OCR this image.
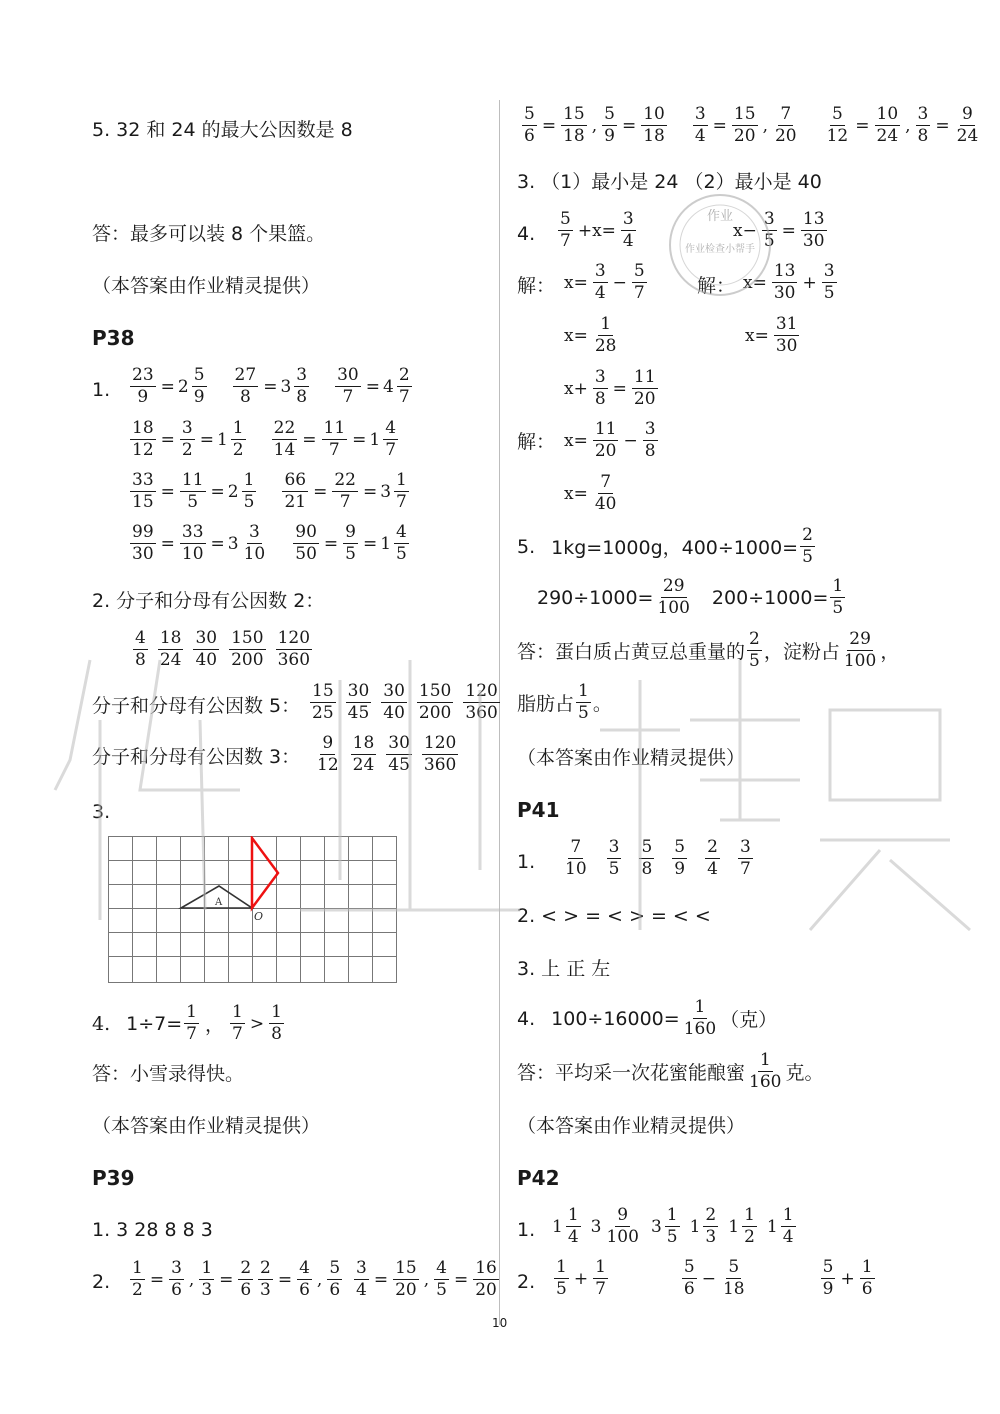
5. 32 和 24 的最大公因数是 8
答：最多可以装 8 个果篮。
（本答案由作业精灵提供）
P38
1. $\frac{23}{9} = 2 \frac{5}{9} \frac{27}{8} = 3 \frac{3}{8} \frac{30}{7} = 4 \frac{2}{7}$
$\frac{18}{12} = \frac{3}{2} = 1 \frac{1}{2} \frac{22}{14} = \frac{11}{7} = 1 \frac{4}{7}$
$\frac{33}{15} = \frac{11}{5} = 2 \frac{1}{5} \frac{66}{21} = \frac{22}{7} = 3 \frac{1}{7}$
$\frac{99}{30} = \frac{33}{10} = 3 \frac{3}{10} \frac{90}{50} = \frac{9}{5} = 1 \frac{4}{5}$
2. 分子和分母有公因数 2：
$\frac{4}{8} \frac{18}{24} \frac{30}{40} \frac{150}{200} \frac{120}{360}$
分子和分母有公因数 5： $\frac{15}{25} \frac{30}{45} \frac{30}{40} \frac{150}{200} \frac{120}{360}$
分子和分母有公因数 3： $\frac{9}{12} \frac{18}{24} \frac{30}{45} \frac{120}{360}$
3.
A
O
4. $1\div 7= \frac{1}{7}$ ， $\frac{1}{7} > \frac{1}{8}$
答：小雪录得快。
（本答案由作业精灵提供）
P39
1. 3 28 8 8 3
2. $\frac{1}{2} = \frac{3}{6}$ , $\frac{1}{3} = \frac{2}{6} \frac{2}{3} = \frac{4}{6}$ , $\frac{5}{6} \frac{3}{4} = \frac{15}{20}$ , $\frac{4}{5} = \frac{16}{20}$
$\frac{5}{6} = \frac{15}{18}$ , $\frac{5}{9} = \frac{10}{18} \frac{3}{4} = \frac{15}{20}$ , $\frac{7}{20} \frac{5}{12} = \frac{10}{24}$ , $\frac{3}{8} = \frac{9}{24}$
3. （1）最小是 24 （2）最小是 40
4. $\frac{5}{7} +x= \frac{3}{4}$	$x- \frac{3}{5} = \frac{13}{30}$
解： $x= \frac{3}{4} - \frac{5}{7}$	解： $x= \frac{13}{30} + \frac{3}{5}$
$x= \frac{1}{28}$	$x= \frac{31}{30}$
$x+ \frac{3}{8} = \frac{11}{20}$
解： $x= \frac{11}{20} - \frac{3}{8}$
$x= \frac{7}{40}$
5. 1kg=1000g，$400\div 1000= \frac{2}{5}$
$290\div 1000= \frac{29}{100} 200\div 1000= \frac{1}{5}$
答：蛋白质占黄豆总重量的 $\frac{2}{5}$ ，淀粉占 $\frac{29}{100}$ ，
脂肪占 $\frac{1}{5}$ 。
（本答案由作业精灵提供）
P41
1. $\frac{7}{10} \frac{3}{5} \frac{5}{8} \frac{5}{9} \frac{2}{4} \frac{3}{7}$
2. < > = < > = < <
3. 上 正 左
4. $100\div 16000= \frac{1}{160}$ （克）
答：平均采一次花蜜能酿蜜 $\frac{1}{160}$ 克。
（本答案由作业精灵提供）
P42
1. $1 \frac{1}{4} 3 \frac{9}{100} 3 \frac{1}{5} 1 \frac{2}{3} 1 \frac{1}{2} 1 \frac{1}{4}$
2. $\frac{1}{5} + \frac{1}{7}$	$\frac{5}{6} - \frac{5}{18}$	$\frac{5}{9} + \frac{1}{6}$
10
作业
作业检查小帮手
